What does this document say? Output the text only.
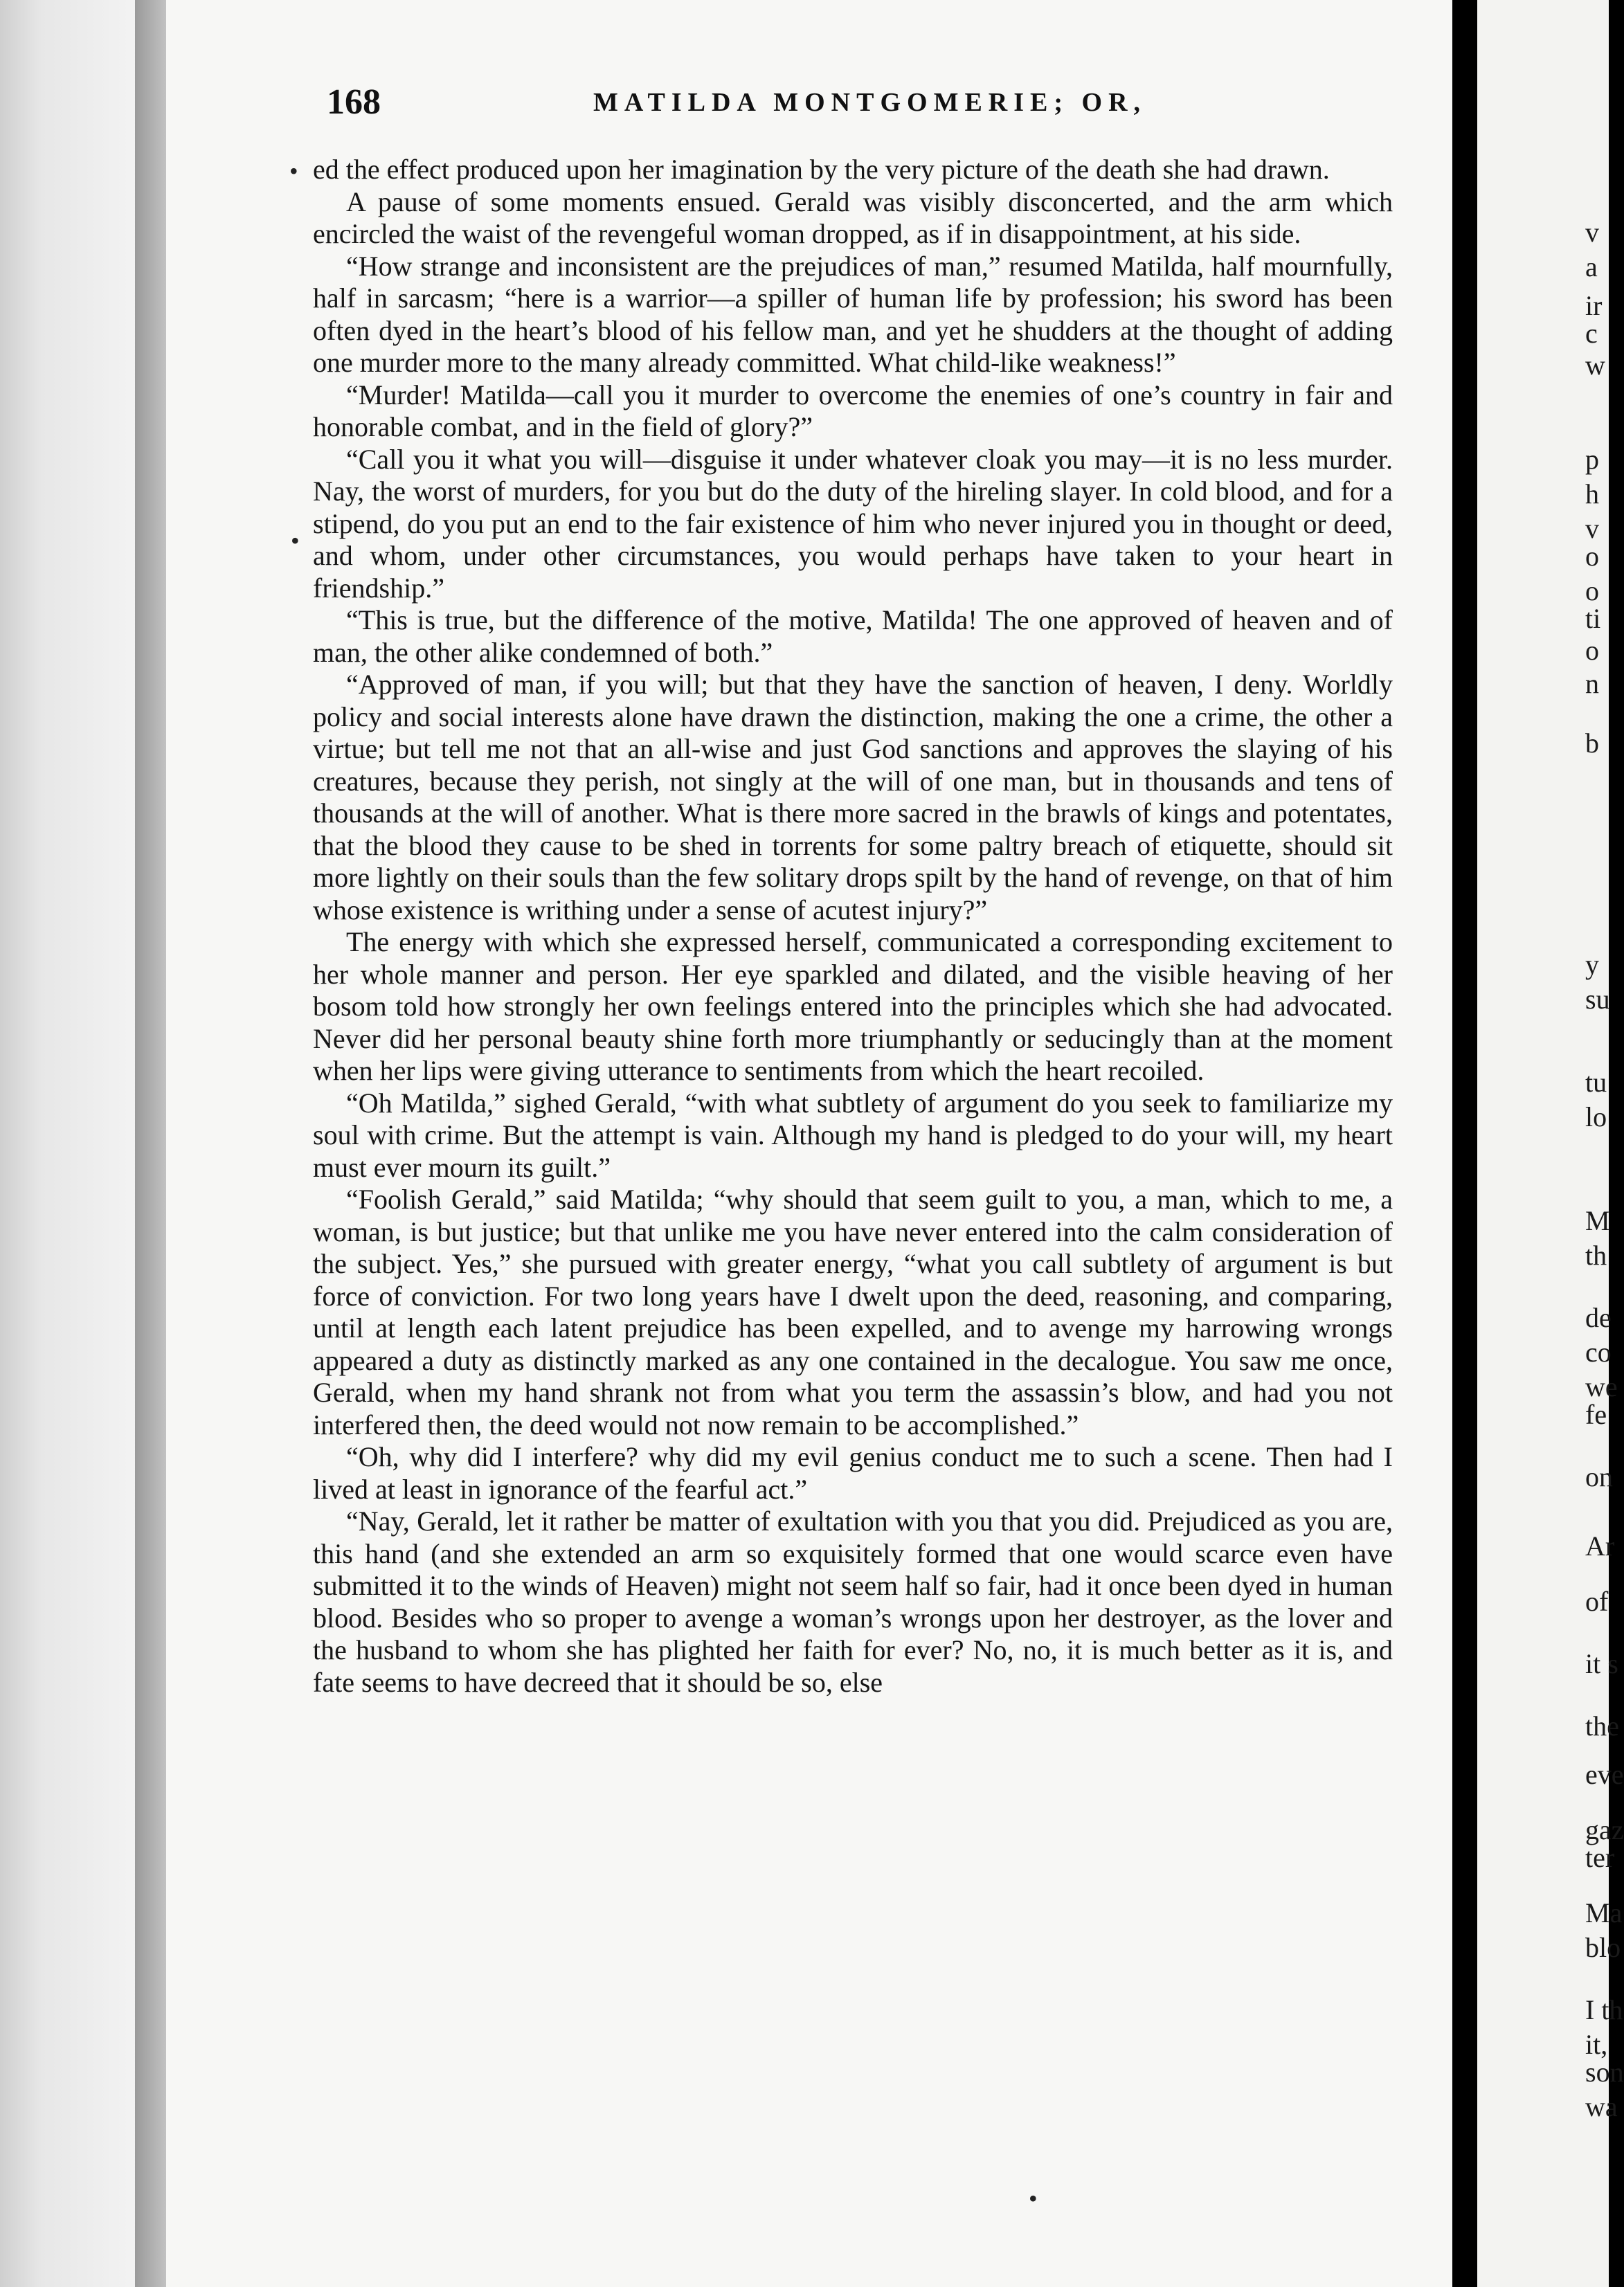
168	MATILDA MONTGOMERIE; OR,

ed the effect produced upon her imagination by the very picture of the death she had drawn.

A pause of some moments ensued. Gerald was visibly disconcerted, and the arm which encircled the waist of the revengeful woman dropped, as if in disappointment, at his side.

“How strange and inconsistent are the prejudices of man,” resumed Matilda, half mournfully, half in sarcasm; “here is a warrior—a spiller of human life by profession; his sword has been often dyed in the heart’s blood of his fellow man, and yet he shudders at the thought of adding one murder more to the many already committed. What child-like weakness!”

“Murder! Matilda—call you it murder to overcome the enemies of one’s country in fair and honorable combat, and in the field of glory?”

“Call you it what you will—disguise it under whatever cloak you may—it is no less murder. Nay, the worst of murders, for you but do the duty of the hireling slayer. In cold blood, and for a stipend, do you put an end to the fair existence of him who never injured you in thought or deed, and whom, under other circumstances, you would perhaps have taken to your heart in friendship.”

“This is true, but the difference of the motive, Matilda! The one approved of heaven and of man, the other alike condemned of both.”

“Approved of man, if you will; but that they have the sanction of heaven, I deny. Worldly policy and social interests alone have drawn the distinction, making the one a crime, the other a virtue; but tell me not that an all-wise and just God sanctions and approves the slaying of his creatures, because they perish, not singly at the will of one man, but in thousands and tens of thousands at the will of another. What is there more sacred in the brawls of kings and potentates, that the blood they cause to be shed in torrents for some paltry breach of etiquette, should sit more lightly on their souls than the few solitary drops spilt by the hand of revenge, on that of him whose existence is writhing under a sense of acutest injury?”

The energy with which she expressed herself, communicated a corresponding excitement to her whole manner and person. Her eye sparkled and dilated, and the visible heaving of her bosom told how strongly her own feelings entered into the principles which she had advocated. Never did her personal beauty shine forth more triumphantly or seducingly than at the moment when her lips were giving utterance to sentiments from which the heart recoiled.

“Oh Matilda,” sighed Gerald, “with what subtlety of argument do you seek to familiarize my soul with crime. But the attempt is vain. Although my hand is pledged to do your will, my heart must ever mourn its guilt.”

“Foolish Gerald,” said Matilda; “why should that seem guilt to you, a man, which to me, a woman, is but justice; but that unlike me you have never entered into the calm consideration of the subject. Yes,” she pursued with greater energy, “what you call subtlety of argument is but force of conviction. For two long years have I dwelt upon the deed, reasoning, and comparing, until at length each latent prejudice has been expelled, and to avenge my harrowing wrongs appeared a duty as distinctly marked as any one contained in the decalogue. You saw me once, Gerald, when my hand shrank not from what you term the assassin’s blow, and had you not interfered then, the deed would not now remain to be accomplished.”

“Oh, why did I interfere? why did my evil genius conduct me to such a scene. Then had I lived at least in ignorance of the fearful act.”

“Nay, Gerald, let it rather be matter of exultation with you that you did. Prejudiced as you are, this hand (and she extended an arm so exquisitely formed that one would scarce even have submitted it to the winds of Heaven) might not seem half so fair, had it once been dyed in human blood. Besides who so proper to avenge a woman’s wrongs upon her destroyer, as the lover and the husband to whom she has plighted her faith for ever? No, no, it is much better as it is, and fate seems to have decreed that it should be so, else

•
•
•
v
a
ir
c
w
p
h
v
o
o
ti
o
n
b
y
su
tu
lo
M
th
de
co
we
fe
on
Ar
of
it s
the
eve
gaz
ter
Ma
blo
I th
it,
son
wa
